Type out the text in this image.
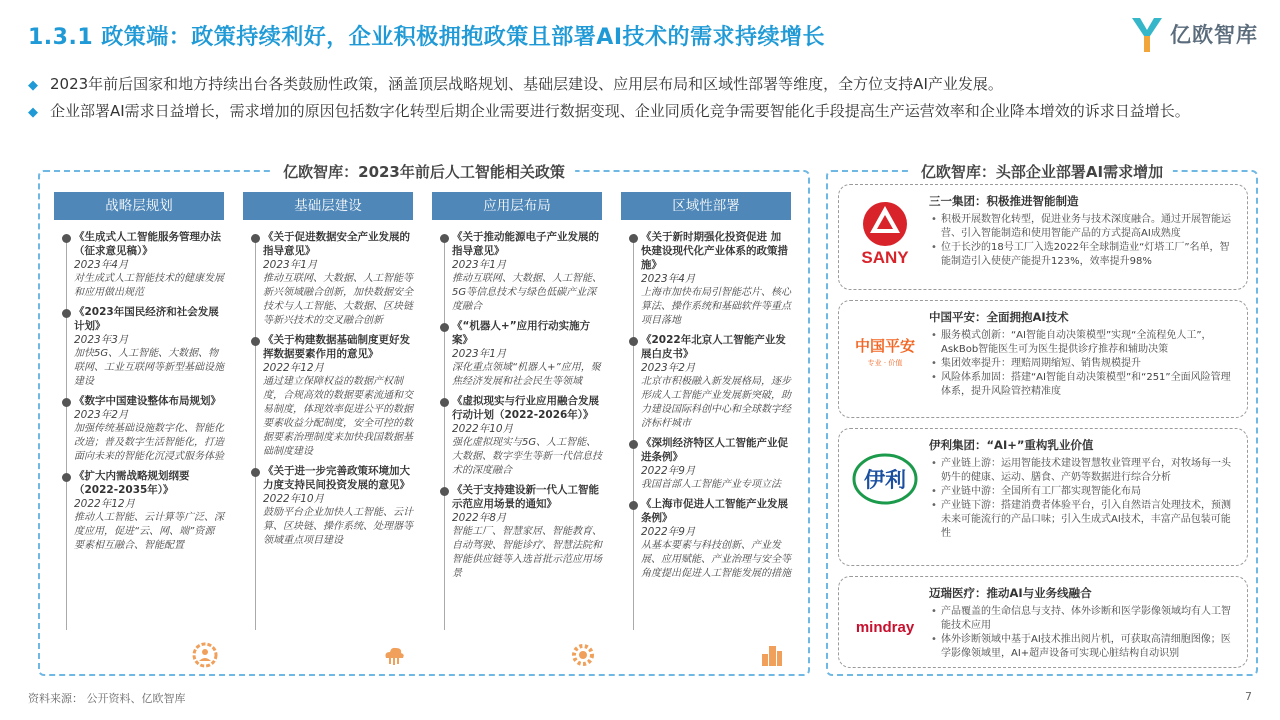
1.3.1 政策端：政策持续利好，企业积极拥抱政策且部署AI技术的需求持续增长	亿欧智库
◆ 2023年前后国家和地方持续出台各类鼓励性政策，涵盖顶层战略规划、基础层建设、应用层布局和区域性部署等维度，全方位支持AI产业发展。
◆ 企业部署AI需求日益增长，需求增加的原因包括数字化转型后期企业需要进行数据变现、企业同质化竞争需要智能化手段提高生产运营效率和企业降本增效的诉求日益增长。
亿欧智库：2023年前后人工智能相关政策
战略层规划
《生成式人工智能服务管理办法（征求意见稿）》
2023年4月
对生成式人工智能技术的健康发展和应用做出规范
《2023年国民经济和社会发展计划》
2023年3月
加快5G、人工智能、大数据、物联网、工业互联网等新型基础设施建设
《数字中国建设整体布局规划》
2023年2月
加强传统基础设施数字化、智能化改造；普及数字生活智能化，打造面向未来的智能化沉浸式服务体验
《扩大内需战略规划纲要（2022-2035年）》
2022年12月
推动人工智能、云计算等广泛、深度应用，促进“云、网、端”资源要素相互融合、智能配置
基础层建设
《关于促进数据安全产业发展的指导意见》
2023年1月
推动互联网、大数据、人工智能等新兴领域融合创新，加快数据安全技术与人工智能、大数据、区块链等新兴技术的交叉融合创新
《关于构建数据基础制度更好发挥数据要素作用的意见》
2022年12月
通过建立保障权益的数据产权制度，合规高效的数据要素流通和交易制度，体现效率促进公平的数据要素收益分配制度，安全可控的数据要素治理制度来加快我国数据基础制度建设
《关于进一步完善政策环境加大力度支持民间投资发展的意见》
2022年10月
鼓励平台企业加快人工智能、云计算、区块链、操作系统、处理器等领域重点项目建设
应用层布局
《关于推动能源电子产业发展的指导意见》
2023年1月
推动互联网、大数据、人工智能、5G等信息技术与绿色低碳产业深度融合
《“机器人+”应用行动实施方案》
2023年1月
深化重点领域“机器人+”应用，聚焦经济发展和社会民生等领域
《虚拟现实与行业应用融合发展行动计划（2022-2026年）》
2022年10月
强化虚拟现实与5G、人工智能、大数据、数字孪生等新一代信息技术的深度融合
《关于支持建设新一代人工智能示范应用场景的通知》
2022年8月
智能工厂、智慧家居、智能教育、自动驾驶、智能诊疗、智慧法院和智能供应链等入选首批示范应用场景
区域性部署
《关于新时期强化投资促进 加快建设现代化产业体系的政策措施》
2023年4月
上海市加快布局引智能芯片、核心算法、操作系统和基础软件等重点项目落地
《2022年北京人工智能产业发展白皮书》
2023年2月
北京市积极融入新发展格局，逐步形成人工智能产业发展新突破，助力建设国际科创中心和全球数字经济标杆城市
《深圳经济特区人工智能产业促进条例》
2022年9月
我国首部人工智能产业专项立法
《上海市促进人工智能产业发展条例》
2022年9月
从基本要素与科技创新、产业发展、应用赋能、产业治理与安全等角度提出促进人工智能发展的措施
亿欧智库：头部企业部署AI需求增加
SANY
三一集团：积极推进智能制造
• 积极开展数智化转型，促进业务与技术深度融合。通过开展智能运营、引入智能制造和使用智能产品的方式提高AI成熟度
• 位于长沙的18号工厂入选2022年全球制造业“灯塔工厂”名单，智能制造引入使使产能提升123%，效率提升98%
中国平安
专业 · 价值
中国平安：全面拥抱AI技术
• 服务模式创新：“AI智能自动决策模型”实现“全流程免人工”，AskBob智能医生可为医生提供诊疗推荐和辅助决策
• 集团效率提升：理赔周期缩短、销售规模提升
• 风险体系加固：搭建“AI智能自动决策模型”和“251”全面风险管理体系，提升风险管控精准度
伊利
伊利集团：“AI+”重构乳业价值
• 产业链上游：运用智能技术建设智慧牧业管理平台，对牧场每一头奶牛的健康、运动、膳食、产奶等数据进行综合分析
• 产业链中游：全国所有工厂都实现智能化布局
• 产业链下游：搭建消费者体验平台，引入自然语言处理技术，预测未来可能流行的产品口味；引入生成式AI技术，丰富产品包装可能性
mindray
迈瑞医疗：推动AI与业务线融合
• 产品覆盖的生命信息与支持、体外诊断和医学影像领域均有人工智能技术应用
• 体外诊断领域中基于AI技术推出阅片机，可获取高清细胞图像；医学影像领域里，AI+超声设备可实现心脏结构自动识别
资料来源： 公开资料、亿欧智库	7
